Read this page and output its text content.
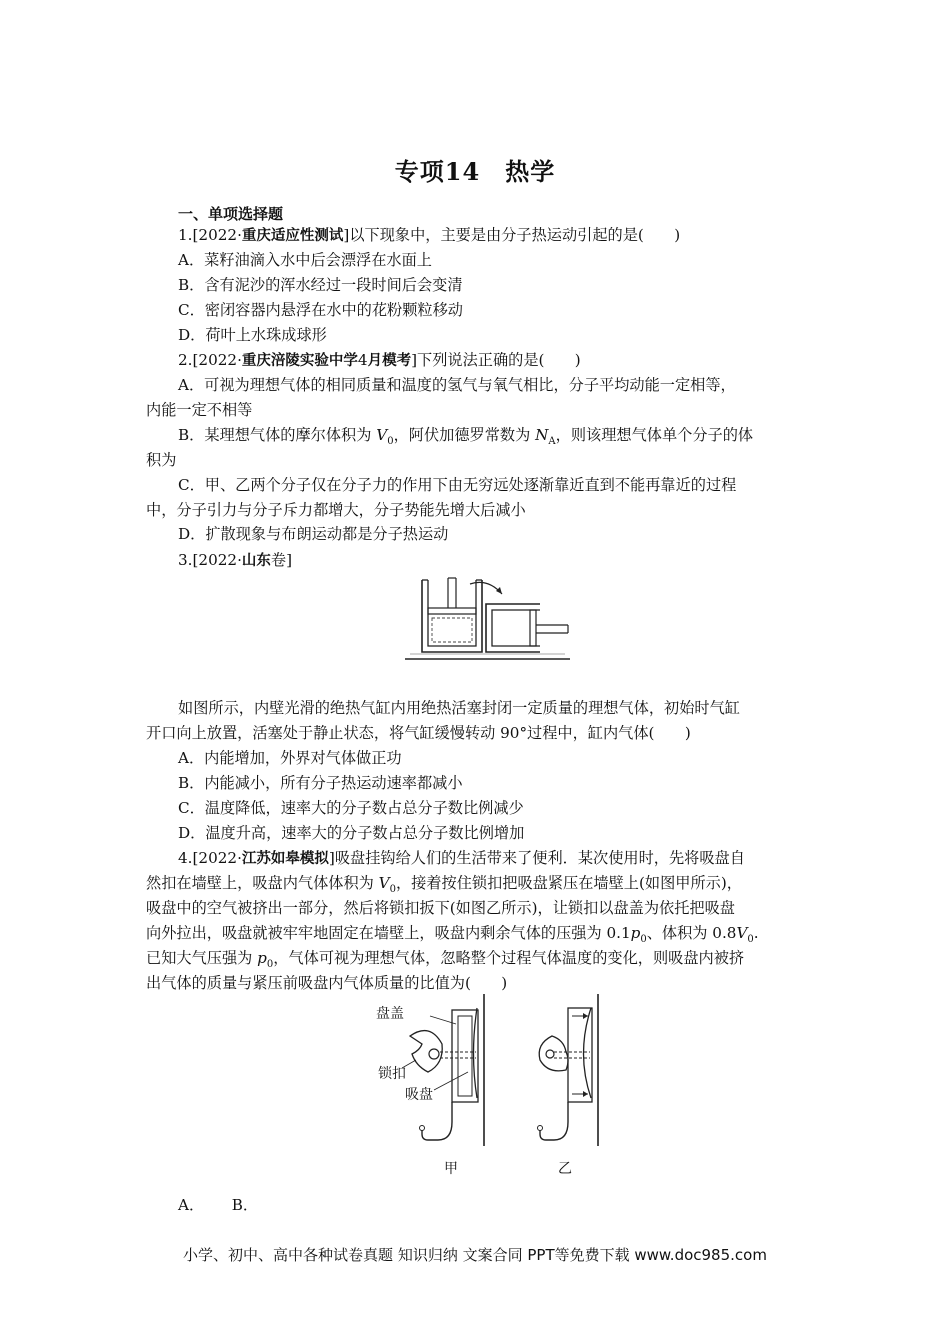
专项14　热学
一、单项选择题
1.[2022·重庆适应性测试]以下现象中，主要是由分子热运动引起的是(　　)
A．菜籽油滴入水中后会漂浮在水面上
B．含有泥沙的浑水经过一段时间后会变清
C．密闭容器内悬浮在水中的花粉颗粒移动
D．荷叶上水珠成球形
2.[2022·重庆涪陵实验中学4月模考]下列说法正确的是(　　)
A．可视为理想气体的相同质量和温度的氢气与氧气相比，分子平均动能一定相等，
内能一定不相等
B．某理想气体的摩尔体积为 $V_0$，阿伏加德罗常数为 $N_A$，则该理想气体单个分子的体
积为
C．甲、乙两个分子仅在分子力的作用下由无穷远处逐渐靠近直到不能再靠近的过程
中，分子引力与分子斥力都增大，分子势能先增大后减小
D．扩散现象与布朗运动都是分子热运动
3.[2022·山东卷]
如图所示，内壁光滑的绝热气缸内用绝热活塞封闭一定质量的理想气体，初始时气缸
开口向上放置，活塞处于静止状态，将气缸缓慢转动 90°过程中，缸内气体(　　)
A．内能增加，外界对气体做正功
B．内能减小，所有分子热运动速率都减小
C．温度降低，速率大的分子数占总分子数比例减少
D．温度升高，速率大的分子数占总分子数比例增加
4.[2022·江苏如皋模拟]吸盘挂钩给人们的生活带来了便利．某次使用时，先将吸盘自
然扣在墙壁上，吸盘内气体体积为 $V_0$，接着按住锁扣把吸盘紧压在墙壁上(如图甲所示)，
吸盘中的空气被挤出一部分，然后将锁扣扳下(如图乙所示)，让锁扣以盘盖为依托把吸盘
向外拉出，吸盘就被牢牢地固定在墙壁上，吸盘内剩余气体的压强为 $0.1p_0$、体积为 $0.8V_0$.
已知大气压强为 $p_0$，气体可视为理想气体，忽略整个过程气体温度的变化，则吸盘内被挤
出气体的质量与紧压前吸盘内气体质量的比值为(　　)
盘盖
锁扣
吸盘
甲	乙
A．　　 B．
小学、初中、高中各种试卷真题 知识归纳 文案合同 PPT等免费下载 www.doc985.com
